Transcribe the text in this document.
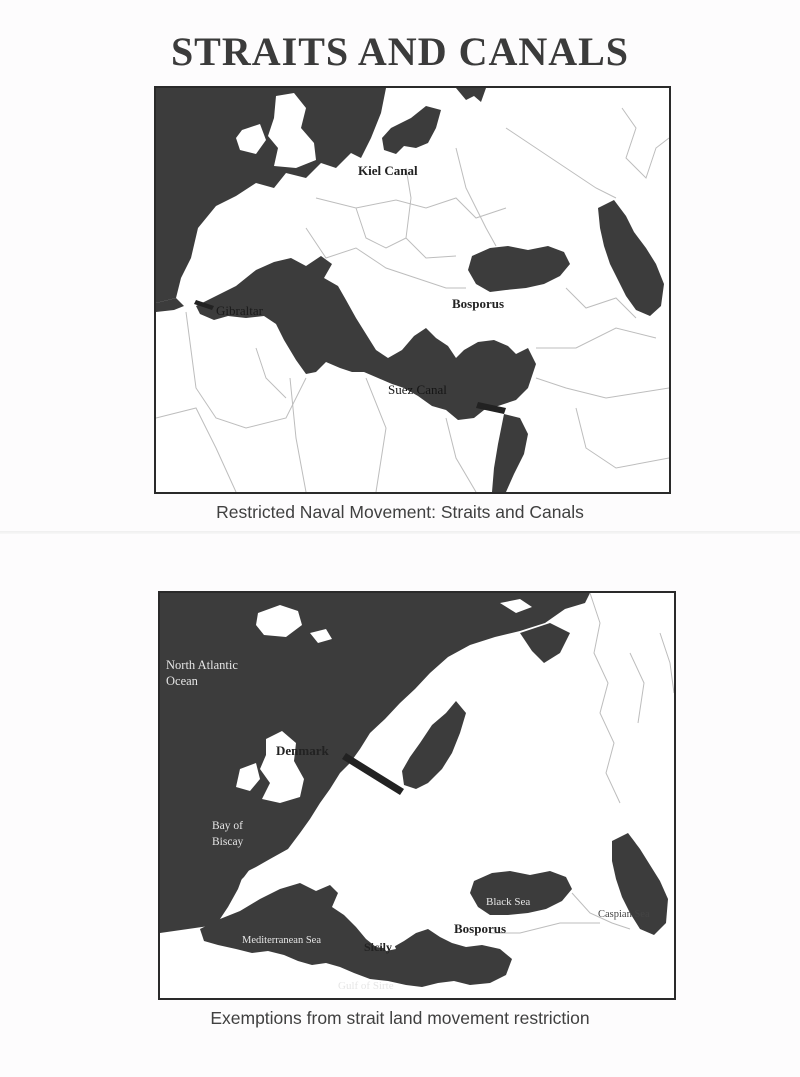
STRAITS AND CANALS
Kiel Canal
Gibraltar	Bosporus
Suez Canal
Restricted Naval Movement: Straits and Canals
North Atlantic
Ocean
Denmark
Bay of
Biscay
Black Sea
Caspian Sea
Mediterranean Sea	Sicily
Bosporus
Gulf of Sirte
Exemptions from strait land movement restriction
